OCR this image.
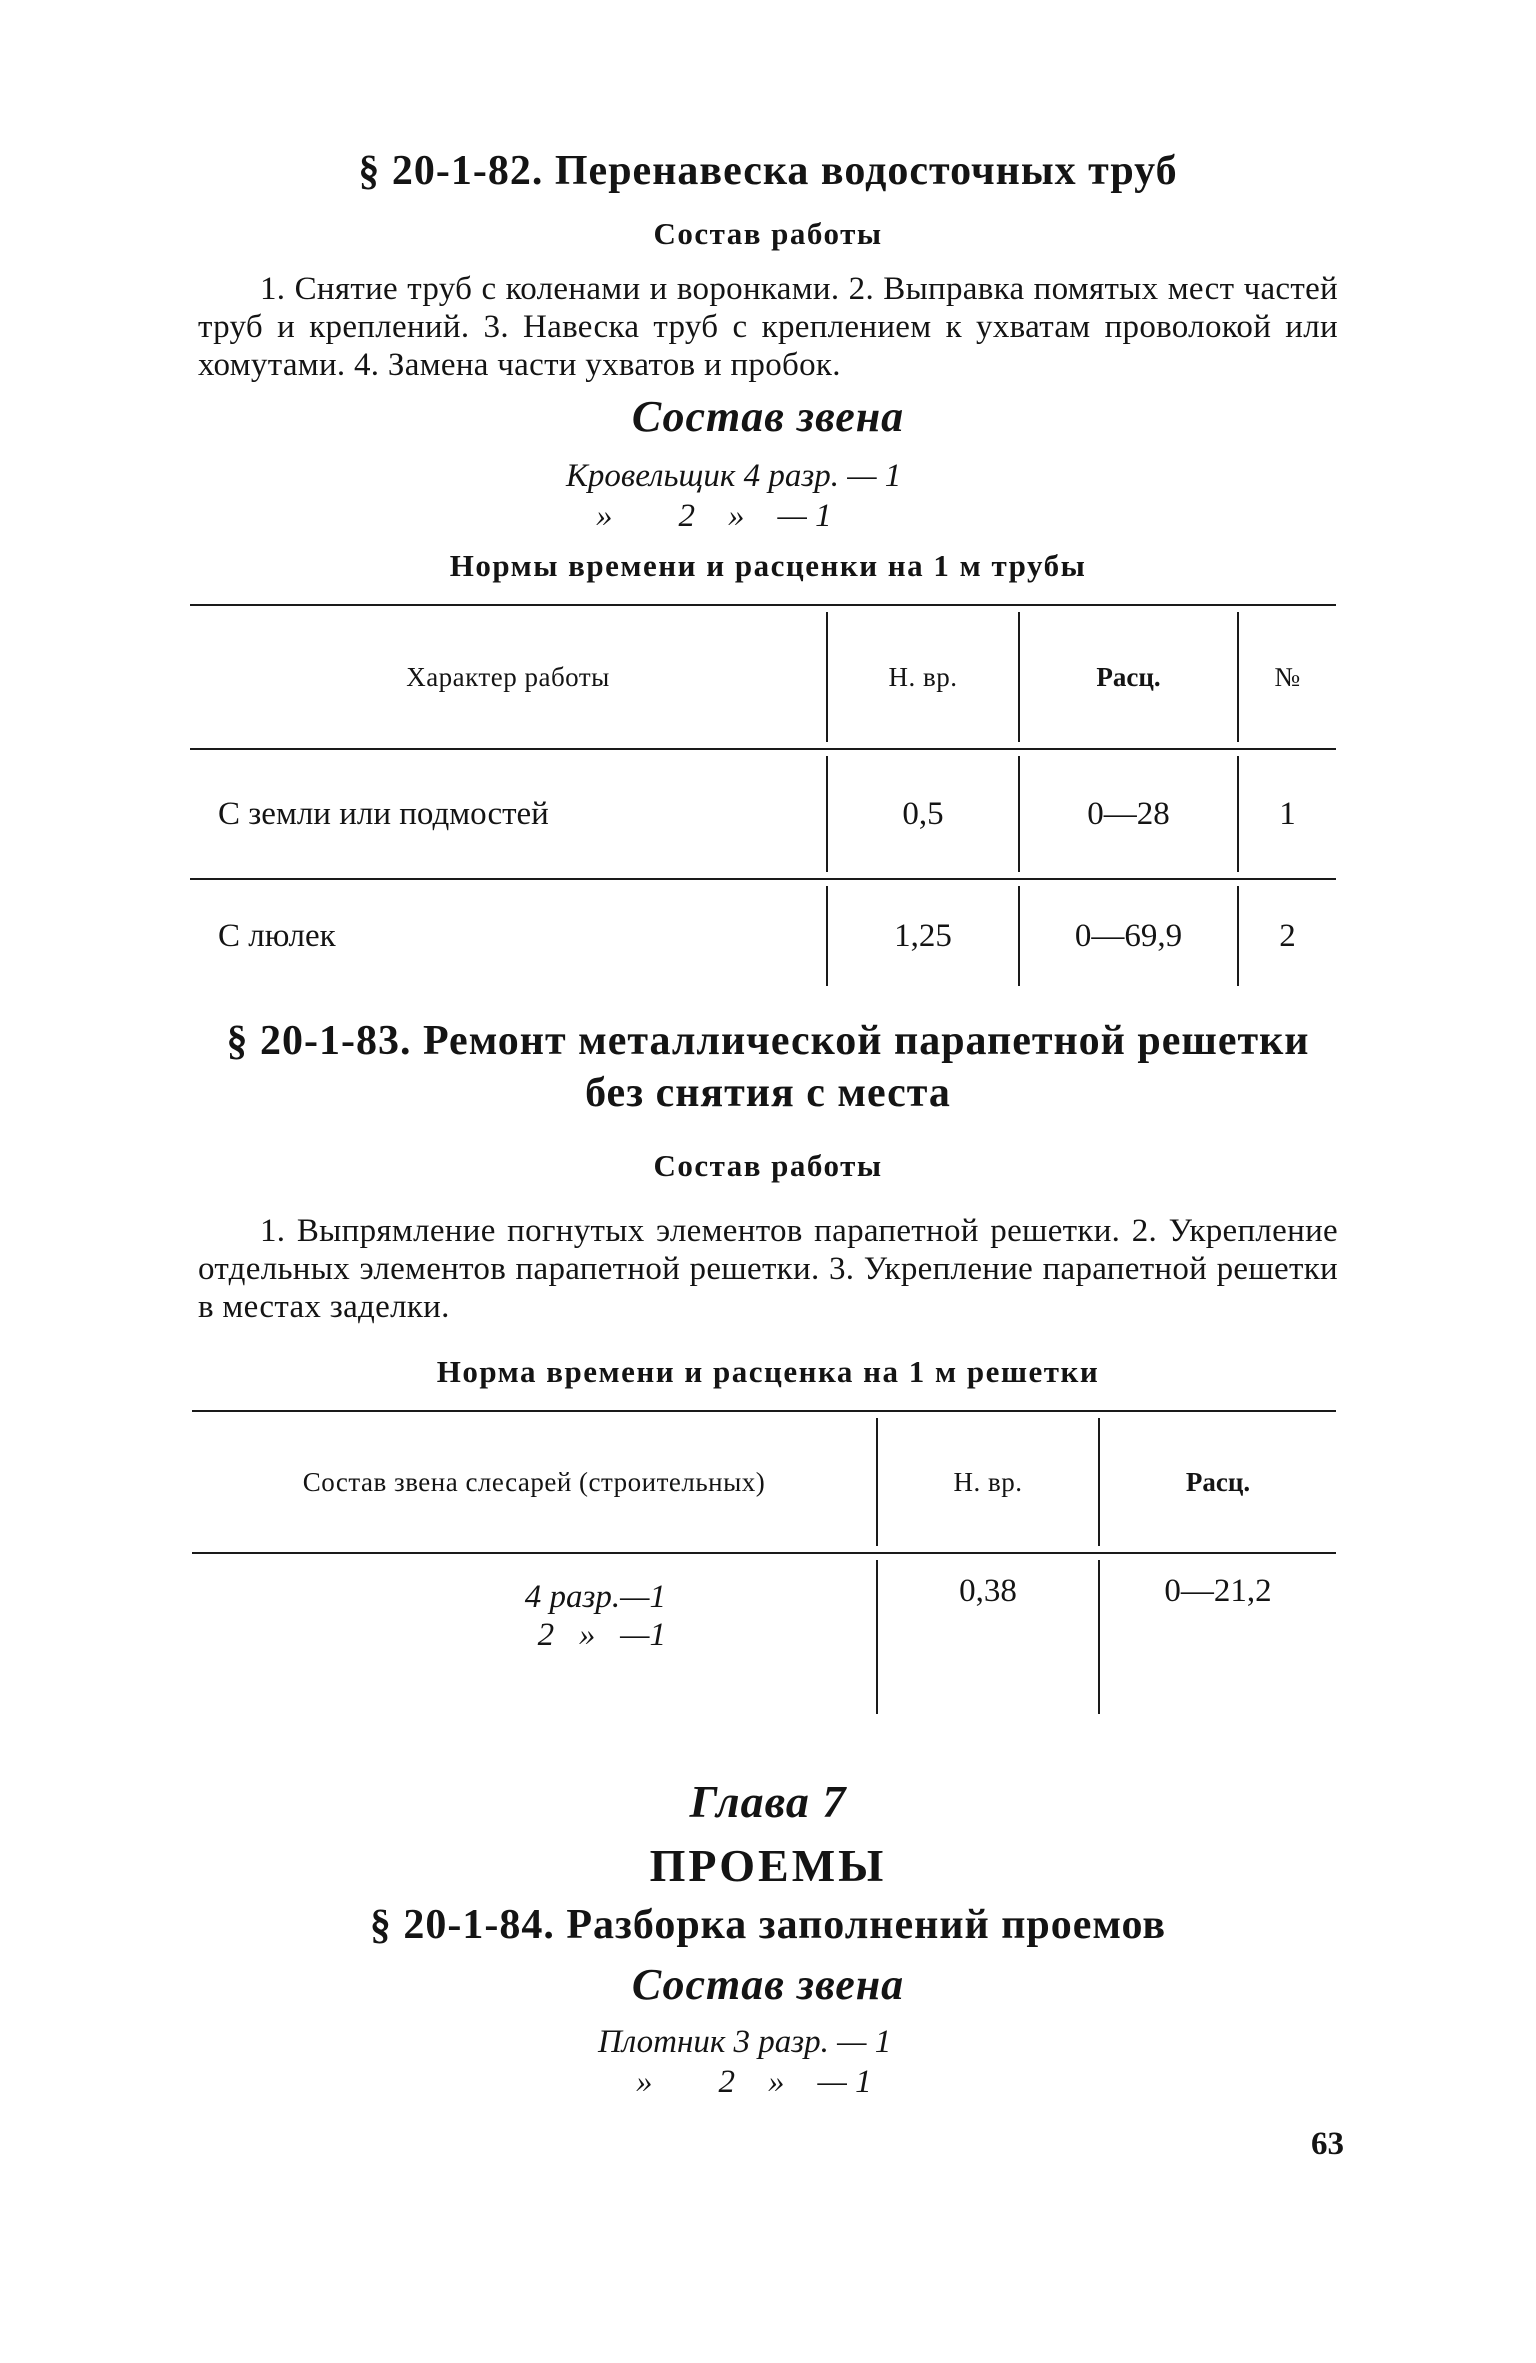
§ 20-1-82. Перенавеска водосточных труб
Состав работы

1. Снятие труб с коленами и воронками. 2. Выправка помятых мест частей труб и креплений. 3. Навеска труб с креплением к ухватам проволокой или хомутами. 4. Замена части ухватов и пробок.

Состав звена
Кровельщик 4 разр. — 1
»        2    »    — 1
Нормы времени и расценки на 1 м трубы
Характер работы	Н. вр.	Расц.	№
С земли или подмостей	0,5	0—28	1
С люлек	1,25	0—69,9	2
§ 20-1-83. Ремонт металлической парапетной решетки
без снятия с места
Состав работы

1. Выпрямление погнутых элементов парапетной решетки. 2. Укрепление отдельных элементов парапетной решетки. 3. Укрепление парапетной решетки в местах заделки.

Норма времени и расценка на 1 м решетки
Состав звена слесарей (строительных)	Н. вр.	Расц.
4 разр.—1
2   »   —1
0,38	0—21,2
Глава 7
ПРОЕМЫ
§ 20-1-84. Разборка заполнений проемов
Состав звена
Плотник 3 разр. — 1
»        2    »    — 1
63
